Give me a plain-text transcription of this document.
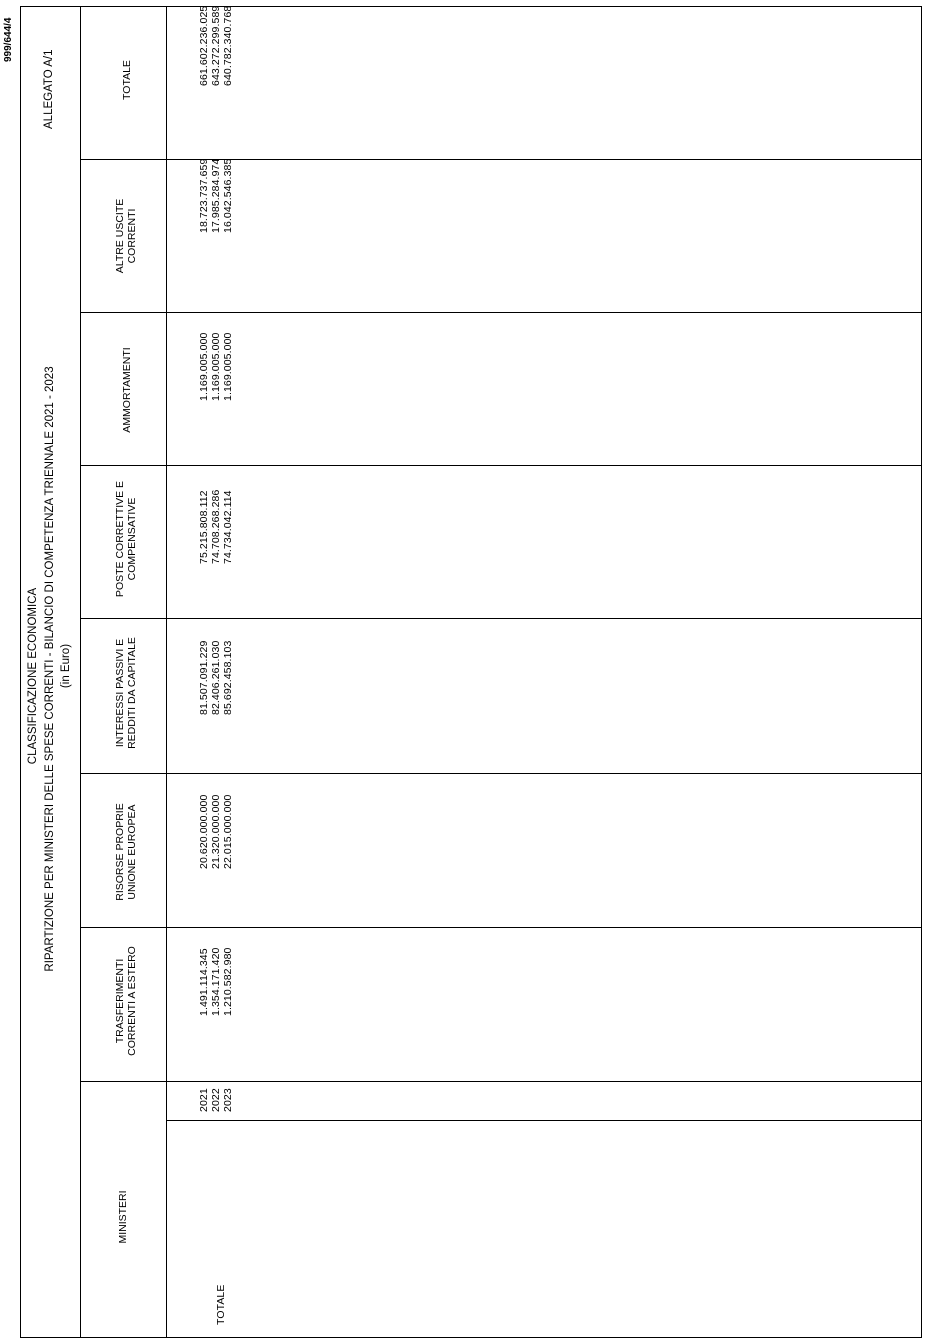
999/644/4
CLASSIFICAZIONE ECONOMICA RIPARTIZIONE PER MINISTERI DELLE SPESE CORRENTI - BILANCIO DI COMPETENZA TRIENNALE 2021 - 2023 (in Euro)
ALLEGATO A/1
MINISTERI
TRASFERIMENTI CORRENTI A ESTERO
RISORSE PROPRIE UNIONE EUROPEA
INTERESSI PASSIVI E REDDITI DA CAPITALE
POSTE CORRETTIVE E COMPENSATIVE
AMMORTAMENTI
ALTRE USCITE CORRENTI
TOTALE
TOTALE
2021 2022 2023
1.491.114.345 1.354.171.420 1.210.582.980
20.620.000.000 21.320.000.000 22.015.000.000
81.507.091.229 82.406.261.030 85.692.458.103
75.215.808.112 74.708.268.286 74.734.042.114
1.169.005.000 1.169.005.000 1.169.005.000
18.723.737.659 17.985.284.974 16.042.546.385
661.602.236.025 643.272.299.589 640.782.340.768
